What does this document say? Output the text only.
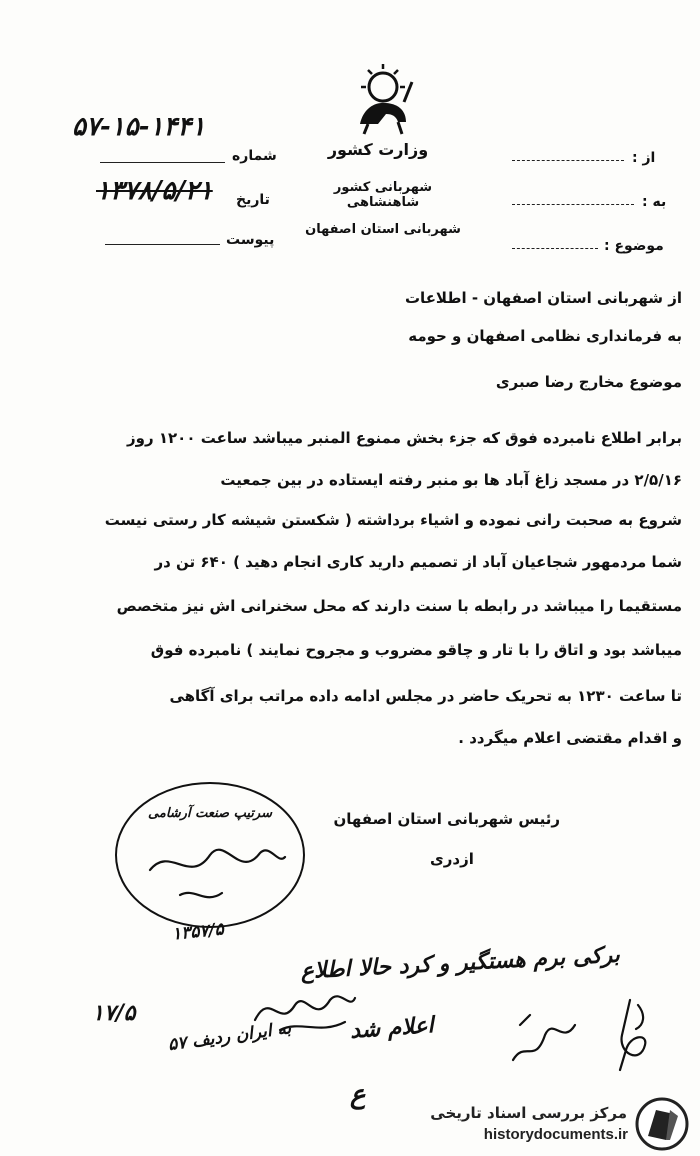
۵۷-۱۵-۱۴۴۱
شماره
۱۳۷۸/۵/۲۱ تاریخ
پیوست
وزارت کشور
شهربانی کشور شاهنشاهی
شهربانی استان اصفهان
از :
به :
موضوع :
از شهربانی استان اصفهان - اطلاعات
به فرمانداری نظامی اصفهان و حومه
موضوع مخارج رضا صبری
برابر اطلاع نامبرده فوق که جزء بخش ممنوع المنبر میباشد ساعت ۱۲۰۰ روز
۲/۵/۱۶ در مسجد زاغ آباد ها بو منبر رفته ایستاده در بین جمعیت
شروع به صحبت رانی نموده و اشیاء برداشته ( شکستن شیشه کار رستی نیست
شما مردمهور شجاعیان آباد از تصمیم دارید کاری انجام دهید ) ۶۴۰ تن در
مستقیما را میباشد در رابطه با سنت دارند که محل سخنرانی اش نیز متخصص
میباشد بود و اتاق را با تار و چاقو مضروب و مجروح نمایند ) نامبرده فوق
تا ساعت ۱۲۳۰ به تحریک حاضر در مجلس ادامه داده مراتب برای آگاهی
و اقدام مقتضی اعلام میگردد .
رئیس شهربانی استان اصفهان
ازدری
سرتیپ صنعت آرشامی
۱۳۵۷/۵
برکی برم هستگیر و کرد حالا اطلاع
اعلام شد
۱۷/۵
به ایران ردیف ۵۷
ع
مرکز بررسی اسناد تاریخی
historydocuments.ir
